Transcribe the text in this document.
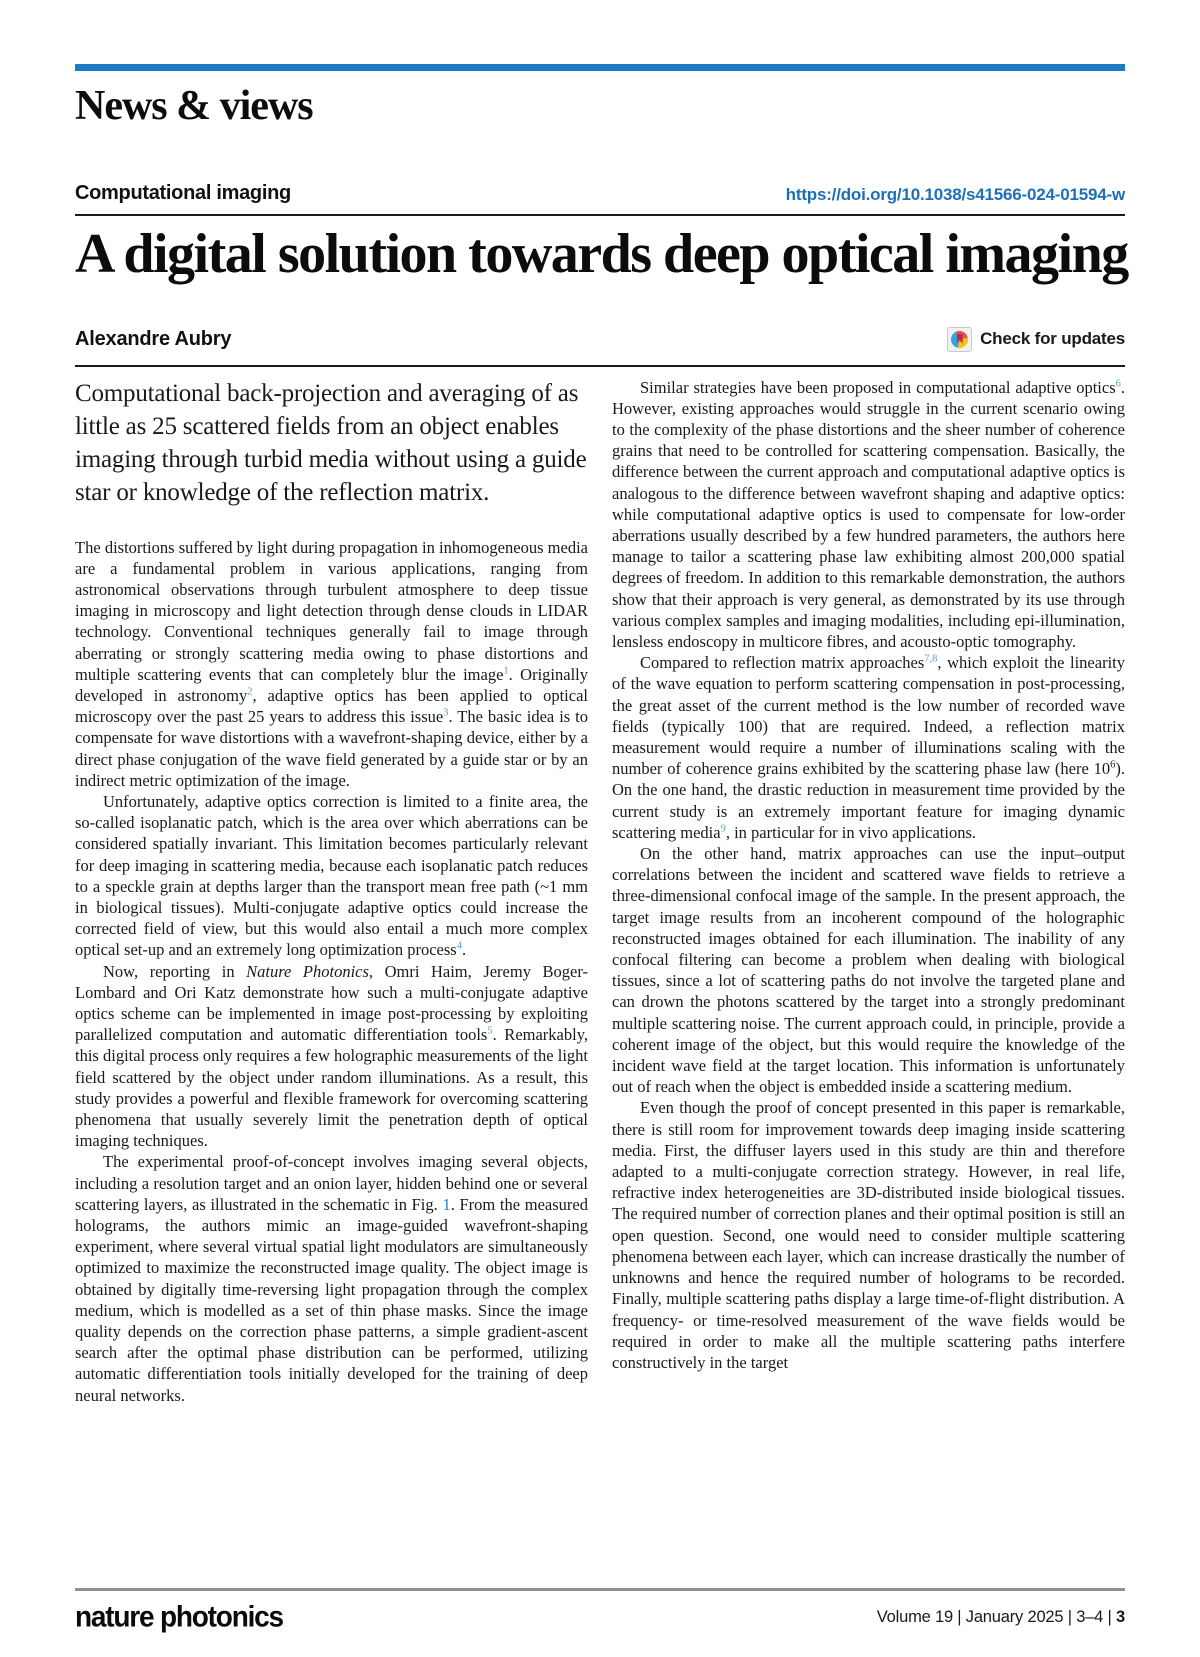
News & views
Computational imaging	https://doi.org/10.1038/s41566-024-01594-w
A digital solution towards deep optical imaging
Alexandre Aubry	Check for updates
Computational back-projection and averaging of as little as 25 scattered fields from an object enables imaging through turbid media without using a guide star or knowledge of the reflection matrix.

The distortions suffered by light during propagation in inhomogeneous media are a fundamental problem in various applications, ranging from astronomical observations through turbulent atmosphere to deep tissue imaging in microscopy and light detection through dense clouds in LIDAR technology. Conventional techniques generally fail to image through aberrating or strongly scattering media owing to phase distortions and multiple scattering events that can completely blur the image$^1$. Originally developed in astronomy$^2$, adaptive optics has been applied to optical microscopy over the past 25 years to address this issue$^3$. The basic idea is to compensate for wave distortions with a wavefront-shaping device, either by a direct phase conjugation of the wave field generated by a guide star or by an indirect metric optimization of the image.

Unfortunately, adaptive optics correction is limited to a finite area, the so-called isoplanatic patch, which is the area over which aberrations can be considered spatially invariant. This limitation becomes particularly relevant for deep imaging in scattering media, because each isoplanatic patch reduces to a speckle grain at depths larger than the transport mean free path (~1 mm in biological tissues). Multi-conjugate adaptive optics could increase the corrected field of view, but this would also entail a much more complex optical set-up and an extremely long optimization process$^4$.

Now, reporting in Nature Photonics, Omri Haim, Jeremy Boger-Lombard and Ori Katz demonstrate how such a multi-conjugate adaptive optics scheme can be implemented in image post-processing by exploiting parallelized computation and automatic differentiation tools$^5$. Remarkably, this digital process only requires a few holographic measurements of the light field scattered by the object under random illuminations. As a result, this study provides a powerful and flexible framework for overcoming scattering phenomena that usually severely limit the penetration depth of optical imaging techniques.

The experimental proof-of-concept involves imaging several objects, including a resolution target and an onion layer, hidden behind one or several scattering layers, as illustrated in the schematic in Fig. 1. From the measured holograms, the authors mimic an image-guided wavefront-shaping experiment, where several virtual spatial light modulators are simultaneously optimized to maximize the reconstructed image quality. The object image is obtained by digitally time-reversing light propagation through the complex medium, which is modelled as a set of thin phase masks. Since the image quality depends on the correction phase patterns, a simple gradient-ascent search after the optimal phase distribution can be performed, utilizing automatic differentiation tools initially developed for the training of deep neural networks.

Similar strategies have been proposed in computational adaptive optics$^6$. However, existing approaches would struggle in the current scenario owing to the complexity of the phase distortions and the sheer number of coherence grains that need to be controlled for scattering compensation. Basically, the difference between the current approach and computational adaptive optics is analogous to the difference between wavefront shaping and adaptive optics: while computational adaptive optics is used to compensate for low-order aberrations usually described by a few hundred parameters, the authors here manage to tailor a scattering phase law exhibiting almost 200,000 spatial degrees of freedom. In addition to this remarkable demonstration, the authors show that their approach is very general, as demonstrated by its use through various complex samples and imaging modalities, including epi-illumination, lensless endoscopy in multicore fibres, and acousto-optic tomography.

Compared to reflection matrix approaches$^{7,8}$, which exploit the linearity of the wave equation to perform scattering compensation in post-processing, the great asset of the current method is the low number of recorded wave fields (typically 100) that are required. Indeed, a reflection matrix measurement would require a number of illuminations scaling with the number of coherence grains exhibited by the scattering phase law (here $10^6$). On the one hand, the drastic reduction in measurement time provided by the current study is an extremely important feature for imaging dynamic scattering media$^9$, in particular for in vivo applications.

On the other hand, matrix approaches can use the input–output correlations between the incident and scattered wave fields to retrieve a three-dimensional confocal image of the sample. In the present approach, the target image results from an incoherent compound of the holographic reconstructed images obtained for each illumination. The inability of any confocal filtering can become a problem when dealing with biological tissues, since a lot of scattering paths do not involve the targeted plane and can drown the photons scattered by the target into a strongly predominant multiple scattering noise. The current approach could, in principle, provide a coherent image of the object, but this would require the knowledge of the incident wave field at the target location. This information is unfortunately out of reach when the object is embedded inside a scattering medium.

Even though the proof of concept presented in this paper is remarkable, there is still room for improvement towards deep imaging inside scattering media. First, the diffuser layers used in this study are thin and therefore adapted to a multi-conjugate correction strategy. However, in real life, refractive index heterogeneities are 3D-distributed inside biological tissues. The required number of correction planes and their optimal position is still an open question. Second, one would need to consider multiple scattering phenomena between each layer, which can increase drastically the number of unknowns and hence the required number of holograms to be recorded. Finally, multiple scattering paths display a large time-of-flight distribution. A frequency- or time-resolved measurement of the wave fields would be required in order to make all the multiple scattering paths interfere constructively in the target

nature photonics	Volume 19 | January 2025 | 3–4 | 3
